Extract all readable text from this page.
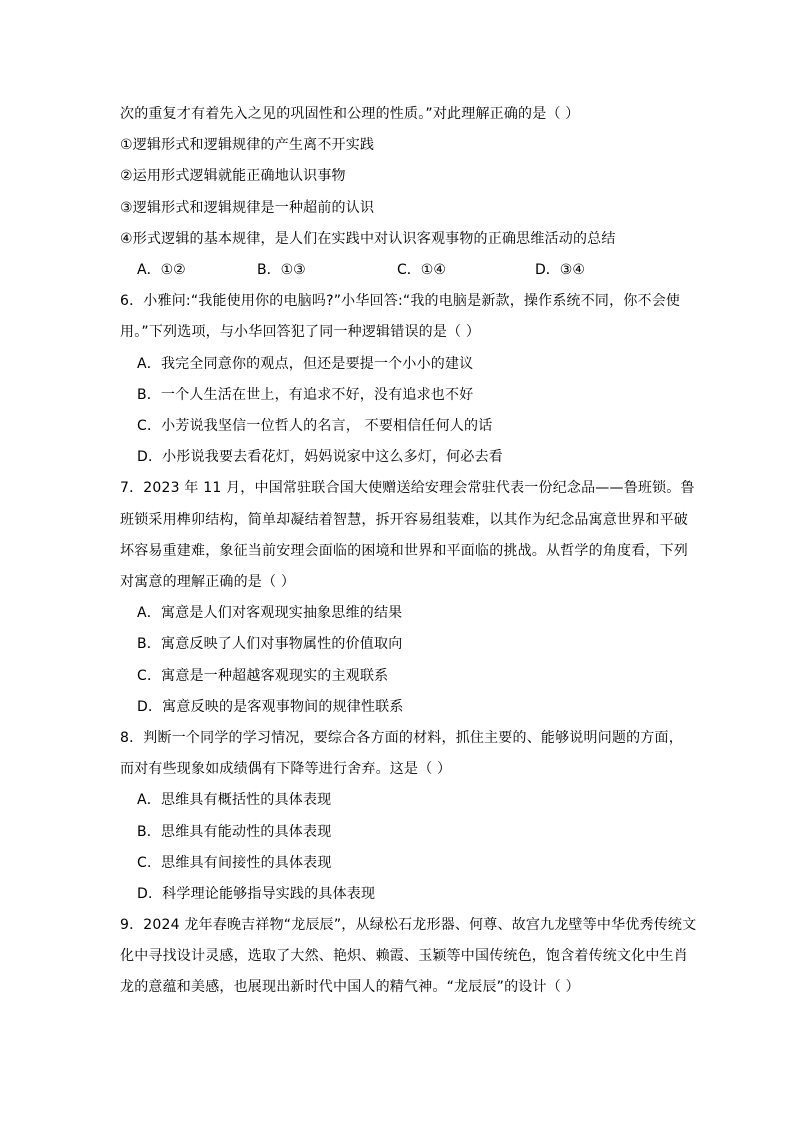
次的重复才有着先入之见的巩固性和公理的性质。”对此理解正确的是（ ）
①逻辑形式和逻辑规律的产生离不开实践
②运用形式逻辑就能正确地认识事物
③逻辑形式和逻辑规律是一种超前的认识
④形式逻辑的基本规律，是人们在实践中对认识客观事物的正确思维活动的总结
A．①②	B．①③	C．①④	D．③④
6．小雅问:“我能使用你的电脑吗?”小华回答:“我的电脑是新款，操作系统不同，你不会使
用。”下列选项，与小华回答犯了同一种逻辑错误的是（ ）
A．我完全同意你的观点，但还是要提一个小小的建议
B．一个人生活在世上，有追求不好，没有追求也不好
C．小芳说我坚信一位哲人的名言， 不要相信任何人的话
D．小彤说我要去看花灯，妈妈说家中这么多灯，何必去看
7．2023 年 11 月，中国常驻联合国大使赠送给安理会常驻代表一份纪念品——鲁班锁。鲁
班锁采用榫卯结构，简单却凝结着智慧，拆开容易组装难，以其作为纪念品寓意世界和平破
坏容易重建难，象征当前安理会面临的困境和世界和平面临的挑战。从哲学的角度看，下列
对寓意的理解正确的是（ ）
A．寓意是人们对客观现实抽象思维的结果
B．寓意反映了人们对事物属性的价值取向
C．寓意是一种超越客观现实的主观联系
D．寓意反映的是客观事物间的规律性联系
8．判断一个同学的学习情况，要综合各方面的材料，抓住主要的、能够说明问题的方面，
而对有些现象如成绩偶有下降等进行舍弃。这是（ ）
A．思维具有概括性的具体表现
B．思维具有能动性的具体表现
C．思维具有间接性的具体表现
D．科学理论能够指导实践的具体表现
9．2024 龙年春晚吉祥物“龙辰辰”，从绿松石龙形器、何尊、故宫九龙壁等中华优秀传统文
化中寻找设计灵感，选取了大然、艳炽、赖霞、玉颖等中国传统色，饱含着传统文化中生肖
龙的意蕴和美感，也展现出新时代中国人的精气神。“龙辰辰”的设计（ ）
